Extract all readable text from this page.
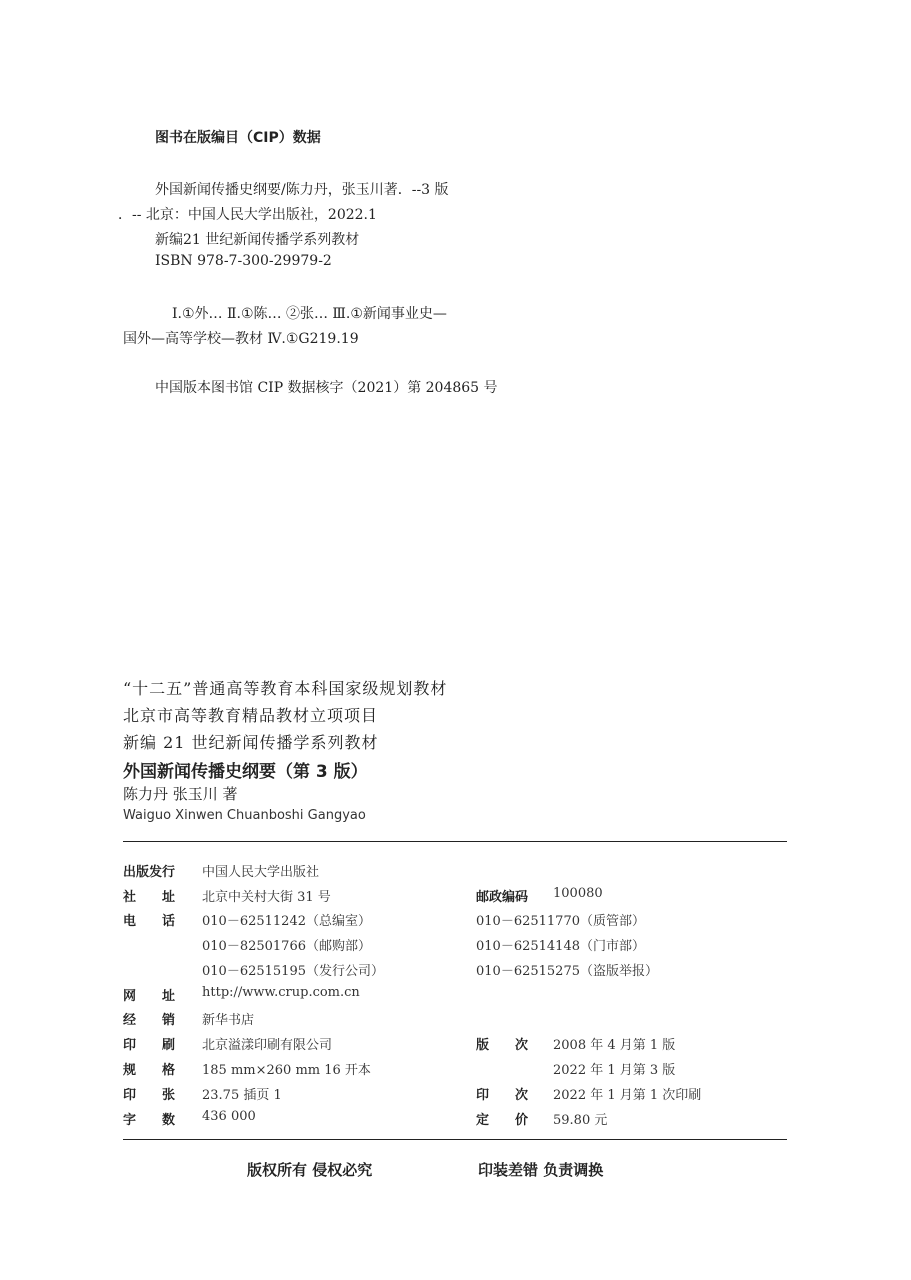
图书在版编目（CIP）数据
外国新闻传播史纲要/陈力丹，张玉川著．--3 版
．-- 北京：中国人民大学出版社，2022.1
新编21 世纪新闻传播学系列教材
ISBN 978-7-300-29979-2
Ⅰ.①外… Ⅱ.①陈… ②张… Ⅲ.①新闻事业史—
国外—高等学校—教材 Ⅳ.①G219.19
中国版本图书馆 CIP 数据核字（2021）第 204865 号
“十二五”普通高等教育本科国家级规划教材
北京市高等教育精品教材立项项目
新编 21 世纪新闻传播学系列教材
外国新闻传播史纲要（第 3 版）
陈力丹 张玉川 著
Waiguo Xinwen Chuanboshi Gangyao
出版发行 中国人民大学出版社
社　　址 北京中关村大街 31 号	邮政编码 100080
电　　话 010－62511242（总编室）	010－62511770（质管部）
010－82501766（邮购部）	010－62514148（门市部）
010－62515195（发行公司）	010－62515275（盗版举报）
网　　址 http://www.crup.com.cn
经　　销 新华书店
印　　刷 北京溢漾印刷有限公司	版　　次 2008 年 4 月第 1 版
2022 年 1 月第 3 版
规　　格 185 mm×260 mm 16 开本
印　　张 23.75 插页 1	印　　次 2022 年 1 月第 1 次印刷
字　　数 436 000	定　　价 59.80 元
版权所有 侵权必究	印装差错 负责调换
